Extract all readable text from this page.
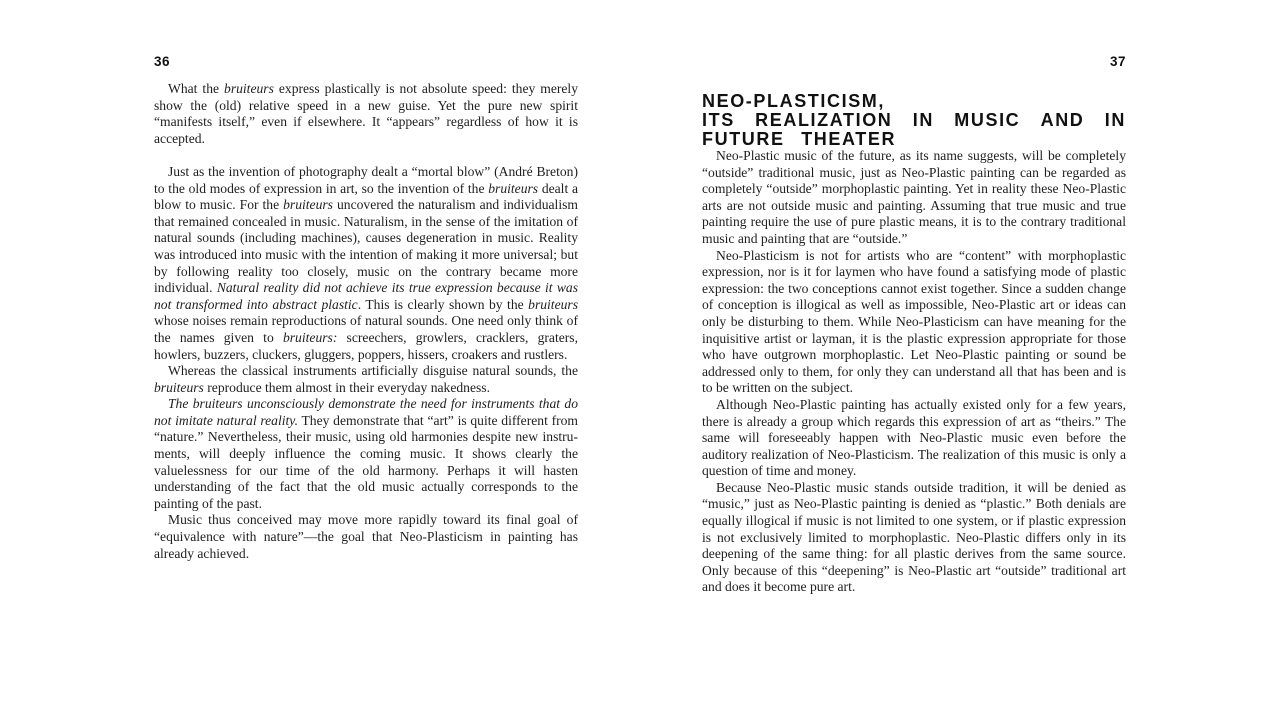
36

What the bruiteurs express plastically is not absolute speed: they merely show the (old) relative speed in a new guise. Yet the pure new spirit “manifests itself,” even if elsewhere. It “appears” regardless of how it is accepted.

Just as the invention of photography dealt a “mortal blow” (André Breton) to the old modes of expression in art, so the invention of the bruiteurs dealt a blow to music. For the bruiteurs uncovered the naturalism and individualism that remained concealed in music. Naturalism, in the sense of the imitation of natural sounds (including machines), causes degeneration in music. Reality was introduced into music with the intention of making it more universal; but by following reality too closely, music on the contrary became more individual. Natural reality did not achieve its true expression because it was not transformed into abstract plastic. This is clearly shown by the bruiteurs whose noises remain reproductions of natural sounds. One need only think of the names given to bruiteurs: screechers, growlers, cracklers, graters, howlers, buzzers, cluckers, gluggers, poppers, hissers, croakers and rustlers.

Whereas the classical instruments artificially disguise natural sounds, the bruiteurs reproduce them almost in their everyday nakedness.

The bruiteurs unconsciously demonstrate the need for instruments that do not imitate natural reality. They demonstrate that “art” is quite different from “nature.” Nevertheless, their music, using old harmonies despite new instruments, will deeply influence the coming music. It shows clearly the valuelessness for our time of the old harmony. Perhaps it will hasten understanding of the fact that the old music actually corresponds to the painting of the past.

Music thus conceived may move more rapidly toward its final goal of “equivalence with nature”—the goal that Neo-Plasticism in painting has already achieved.

37
NEO-PLASTICISM,
ITS REALIZATION IN MUSIC AND IN
FUTURE THEATER

Neo-Plastic music of the future, as its name suggests, will be completely “outside” traditional music, just as Neo-Plastic painting can be regarded as completely “outside” morphoplastic painting. Yet in reality these Neo-Plastic arts are not outside music and painting. Assuming that true music and true painting require the use of pure plastic means, it is to the contrary traditional music and painting that are “outside.”

Neo-Plasticism is not for artists who are “content” with morphoplastic expression, nor is it for laymen who have found a satisfying mode of plastic expression: the two conceptions cannot exist together. Since a sudden change of conception is illogical as well as impossible, Neo-Plastic art or ideas can only be disturbing to them. While Neo-Plasticism can have meaning for the inquisitive artist or layman, it is the plastic expression appropriate for those who have outgrown morphoplastic. Let Neo-Plastic painting or sound be addressed only to them, for only they can understand all that has been and is to be written on the subject.

Although Neo-Plastic painting has actually existed only for a few years, there is already a group which regards this expression of art as “theirs.” The same will foreseeably happen with Neo-Plastic music even before the auditory realization of Neo-Plasticism. The realization of this music is only a question of time and money.

Because Neo-Plastic music stands outside tradition, it will be denied as “music,” just as Neo-Plastic painting is denied as “plastic.” Both denials are equally illogical if music is not limited to one system, or if plastic expression is not exclusively limited to morphoplastic. Neo-Plastic differs only in its deepening of the same thing: for all plastic derives from the same source. Only because of this “deepening” is Neo-Plastic art “outside” traditional art and does it become pure art.
